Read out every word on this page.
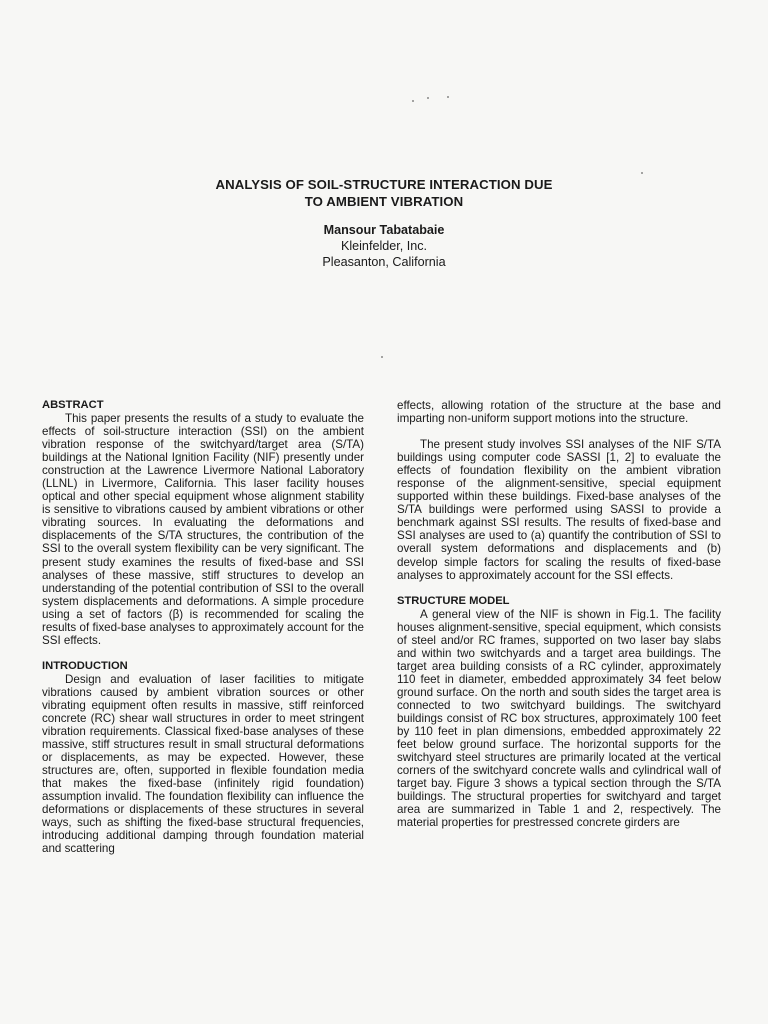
ANALYSIS OF SOIL-STRUCTURE INTERACTION DUE
TO AMBIENT VIBRATION
Mansour Tabatabaie
Kleinfelder, Inc.
Pleasanton, California
ABSTRACT

This paper presents the results of a study to evaluate the effects of soil-structure interaction (SSI) on the ambient vibration response of the switchyard/target area (S/TA) buildings at the National Ignition Facility (NIF) presently under construction at the Lawrence Livermore National Laboratory (LLNL) in Livermore, California. This laser facility houses optical and other special equipment whose alignment stability is sensitive to vibrations caused by ambient vibrations or other vibrating sources. In evaluating the deformations and displacements of the S/TA structures, the contribution of the SSI to the overall system flexibility can be very significant. The present study examines the results of fixed-base and SSI analyses of these massive, stiff structures to develop an understanding of the potential contribution of SSI to the overall system displacements and deformations. A simple procedure using a set of factors (β) is recommended for scaling the results of fixed-base analyses to approximately account for the SSI effects.

INTRODUCTION

Design and evaluation of laser facilities to mitigate vibrations caused by ambient vibration sources or other vibrating equipment often results in massive, stiff reinforced concrete (RC) shear wall structures in order to meet stringent vibration requirements. Classical fixed-base analyses of these massive, stiff structures result in small structural deformations or displacements, as may be expected. However, these structures are, often, supported in flexible foundation media that makes the fixed-base (infinitely rigid foundation) assumption invalid. The foundation flexibility can influence the deformations or displacements of these structures in several ways, such as shifting the fixed-base structural frequencies, introducing additional damping through foundation material and scattering

effects, allowing rotation of the structure at the base and imparting non-uniform support motions into the structure.

The present study involves SSI analyses of the NIF S/TA buildings using computer code SASSI [1, 2] to evaluate the effects of foundation flexibility on the ambient vibration response of the alignment-sensitive, special equipment supported within these buildings. Fixed-base analyses of the S/TA buildings were performed using SASSI to provide a benchmark against SSI results. The results of fixed-base and SSI analyses are used to (a) quantify the contribution of SSI to overall system deformations and displacements and (b) develop simple factors for scaling the results of fixed-base analyses to approximately account for the SSI effects.

STRUCTURE MODEL

A general view of the NIF is shown in Fig.1. The facility houses alignment-sensitive, special equipment, which consists of steel and/or RC frames, supported on two laser bay slabs and within two switchyards and a target area buildings. The target area building consists of a RC cylinder, approximately 110 feet in diameter, embedded approximately 34 feet below ground surface. On the north and south sides the target area is connected to two switchyard buildings. The switchyard buildings consist of RC box structures, approximately 100 feet by 110 feet in plan dimensions, embedded approximately 22 feet below ground surface. The horizontal supports for the switchyard steel structures are primarily located at the vertical corners of the switchyard concrete walls and cylindrical wall of target bay. Figure 3 shows a typical section through the S/TA buildings. The structural properties for switchyard and target area are summarized in Table 1 and 2, respectively. The material properties for prestressed concrete girders are
